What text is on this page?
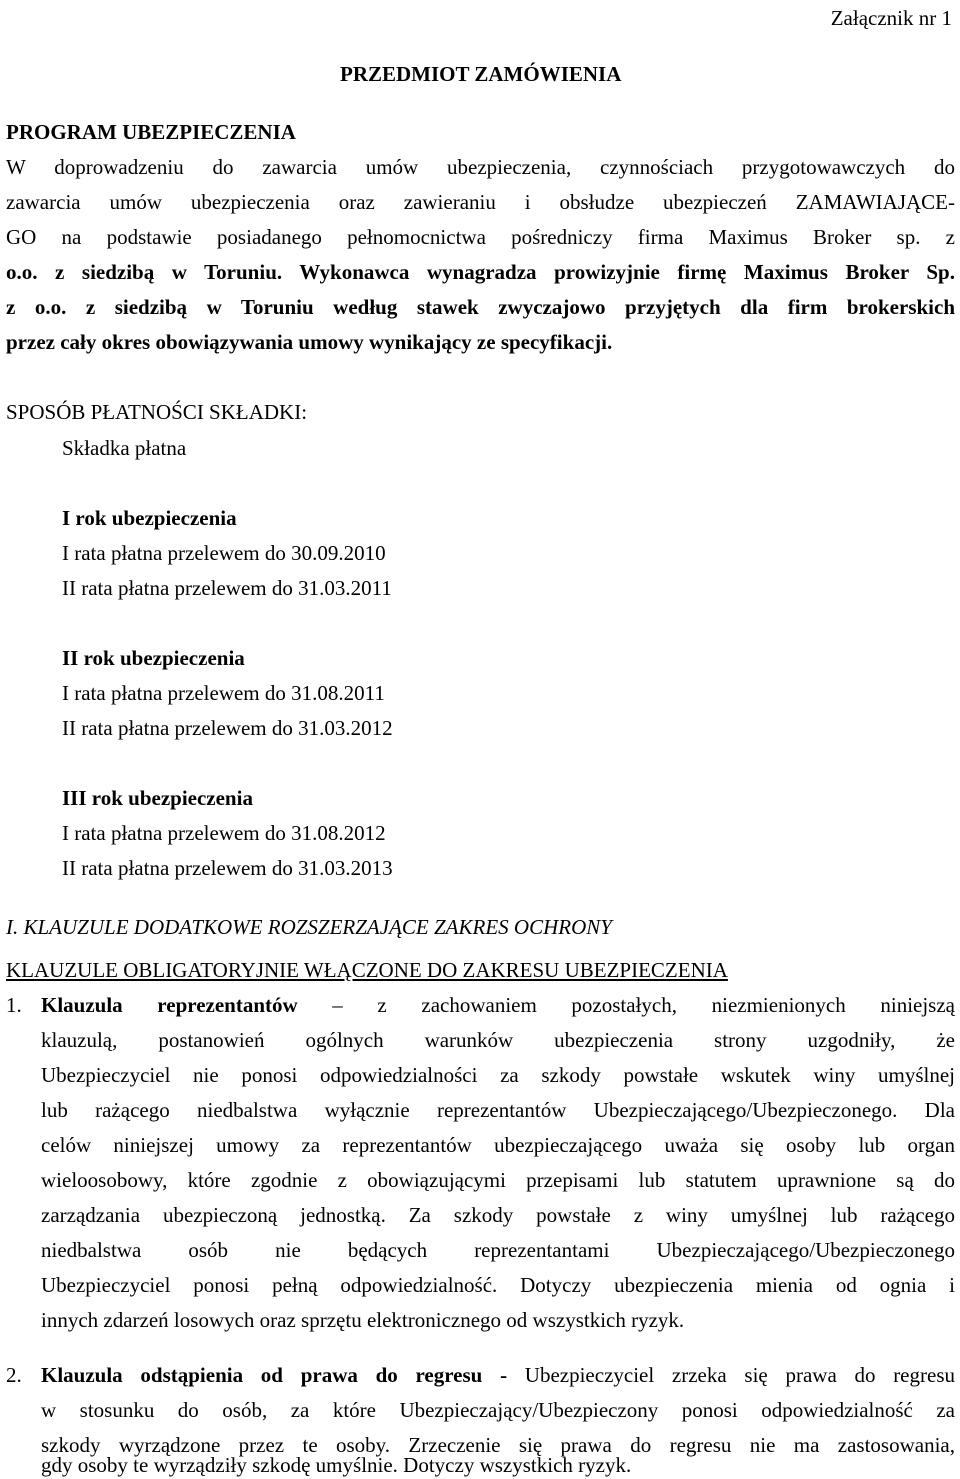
Załącznik nr 1
PRZEDMIOT ZAMÓWIENIA
PROGRAM UBEZPIECZENIA
W doprowadzeniu do zawarcia umów ubezpieczenia, czynnościach przygotowawczych do
zawarcia umów ubezpieczenia oraz zawieraniu i obsłudze ubezpieczeń ZAMAWIAJĄCE-
GO na podstawie posiadanego pełnomocnictwa pośredniczy firma Maximus Broker sp. z
o.o. z siedzibą w Toruniu. Wykonawca wynagradza prowizyjnie firmę Maximus Broker Sp.
z o.o. z siedzibą w Toruniu według stawek zwyczajowo przyjętych dla firm brokerskich
przez cały okres obowiązywania umowy wynikający ze specyfikacji.
SPOSÓB PŁATNOŚCI SKŁADKI:
Składka płatna
I rok ubezpieczenia
I rata płatna przelewem do 30.09.2010
II rata płatna przelewem do 31.03.2011
II rok ubezpieczenia
I rata płatna przelewem do 31.08.2011
II rata płatna przelewem do 31.03.2012
III rok ubezpieczenia
I rata płatna przelewem do 31.08.2012
II rata płatna przelewem do 31.03.2013
I. KLAUZULE DODATKOWE ROZSZERZAJĄCE ZAKRES OCHRONY
KLAUZULE OBLIGATORYJNIE WŁĄCZONE DO ZAKRESU UBEZPIECZENIA
1. Klauzula reprezentantów – z zachowaniem pozostałych, niezmienionych niniejszą
klauzulą, postanowień ogólnych warunków ubezpieczenia strony uzgodniły, że
Ubezpieczyciel nie ponosi odpowiedzialności za szkody powstałe wskutek winy umyślnej
lub rażącego niedbalstwa wyłącznie reprezentantów Ubezpieczającego/Ubezpieczonego. Dla
celów niniejszej umowy za reprezentantów ubezpieczającego uważa się osoby lub organ
wieloosobowy, które zgodnie z obowiązującymi przepisami lub statutem uprawnione są do
zarządzania ubezpieczoną jednostką. Za szkody powstałe z winy umyślnej lub rażącego
niedbalstwa osób nie będących reprezentantami Ubezpieczającego/Ubezpieczonego
Ubezpieczyciel ponosi pełną odpowiedzialność. Dotyczy ubezpieczenia mienia od ognia i
innych zdarzeń losowych oraz sprzętu elektronicznego od wszystkich ryzyk.
2. Klauzula odstąpienia od prawa do regresu - Ubezpieczyciel zrzeka się prawa do regresu
w stosunku do osób, za które Ubezpieczający/Ubezpieczony ponosi odpowiedzialność za
szkody wyrządzone przez te osoby. Zrzeczenie się prawa do regresu nie ma zastosowania,
gdy osoby te wyrządziły szkodę umyślnie. Dotyczy wszystkich ryzyk.
